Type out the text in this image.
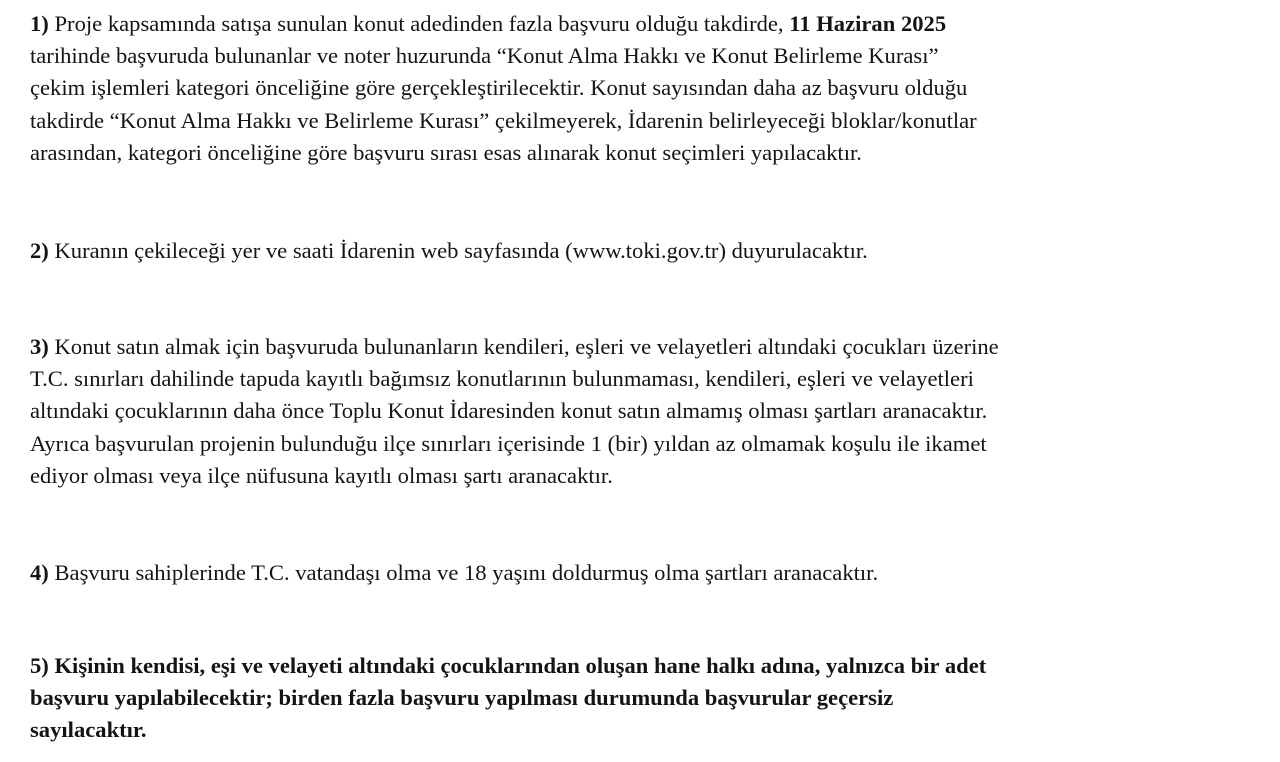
1) Proje kapsamında satışa sunulan konut adedinden fazla başvuru olduğu takdirde, 11 Haziran 2025
tarihinde başvuruda bulunanlar ve noter huzurunda “Konut Alma Hakkı ve Konut Belirleme Kurası”
çekim işlemleri kategori önceliğine göre gerçekleştirilecektir. Konut sayısından daha az başvuru olduğu
takdirde “Konut Alma Hakkı ve Belirleme Kurası” çekilmeyerek, İdarenin belirleyeceği bloklar/konutlar
arasından, kategori önceliğine göre başvuru sırası esas alınarak konut seçimleri yapılacaktır.

2) Kuranın çekileceği yer ve saati İdarenin web sayfasında (www.toki.gov.tr) duyurulacaktır.

3) Konut satın almak için başvuruda bulunanların kendileri, eşleri ve velayetleri altındaki çocukları üzerine
T.C. sınırları dahilinde tapuda kayıtlı bağımsız konutlarının bulunmaması, kendileri, eşleri ve velayetleri
altındaki çocuklarının daha önce Toplu Konut İdaresinden konut satın almamış olması şartları aranacaktır.
Ayrıca başvurulan projenin bulunduğu ilçe sınırları içerisinde 1 (bir) yıldan az olmamak koşulu ile ikamet
ediyor olması veya ilçe nüfusuna kayıtlı olması şartı aranacaktır.

4) Başvuru sahiplerinde T.C. vatandaşı olma ve 18 yaşını doldurmuş olma şartları aranacaktır.

5) Kişinin kendisi, eşi ve velayeti altındaki çocuklarından oluşan hane halkı adına, yalnızca bir adet
başvuru yapılabilecektir; birden fazla başvuru yapılması durumunda başvurular geçersiz
sayılacaktır.
